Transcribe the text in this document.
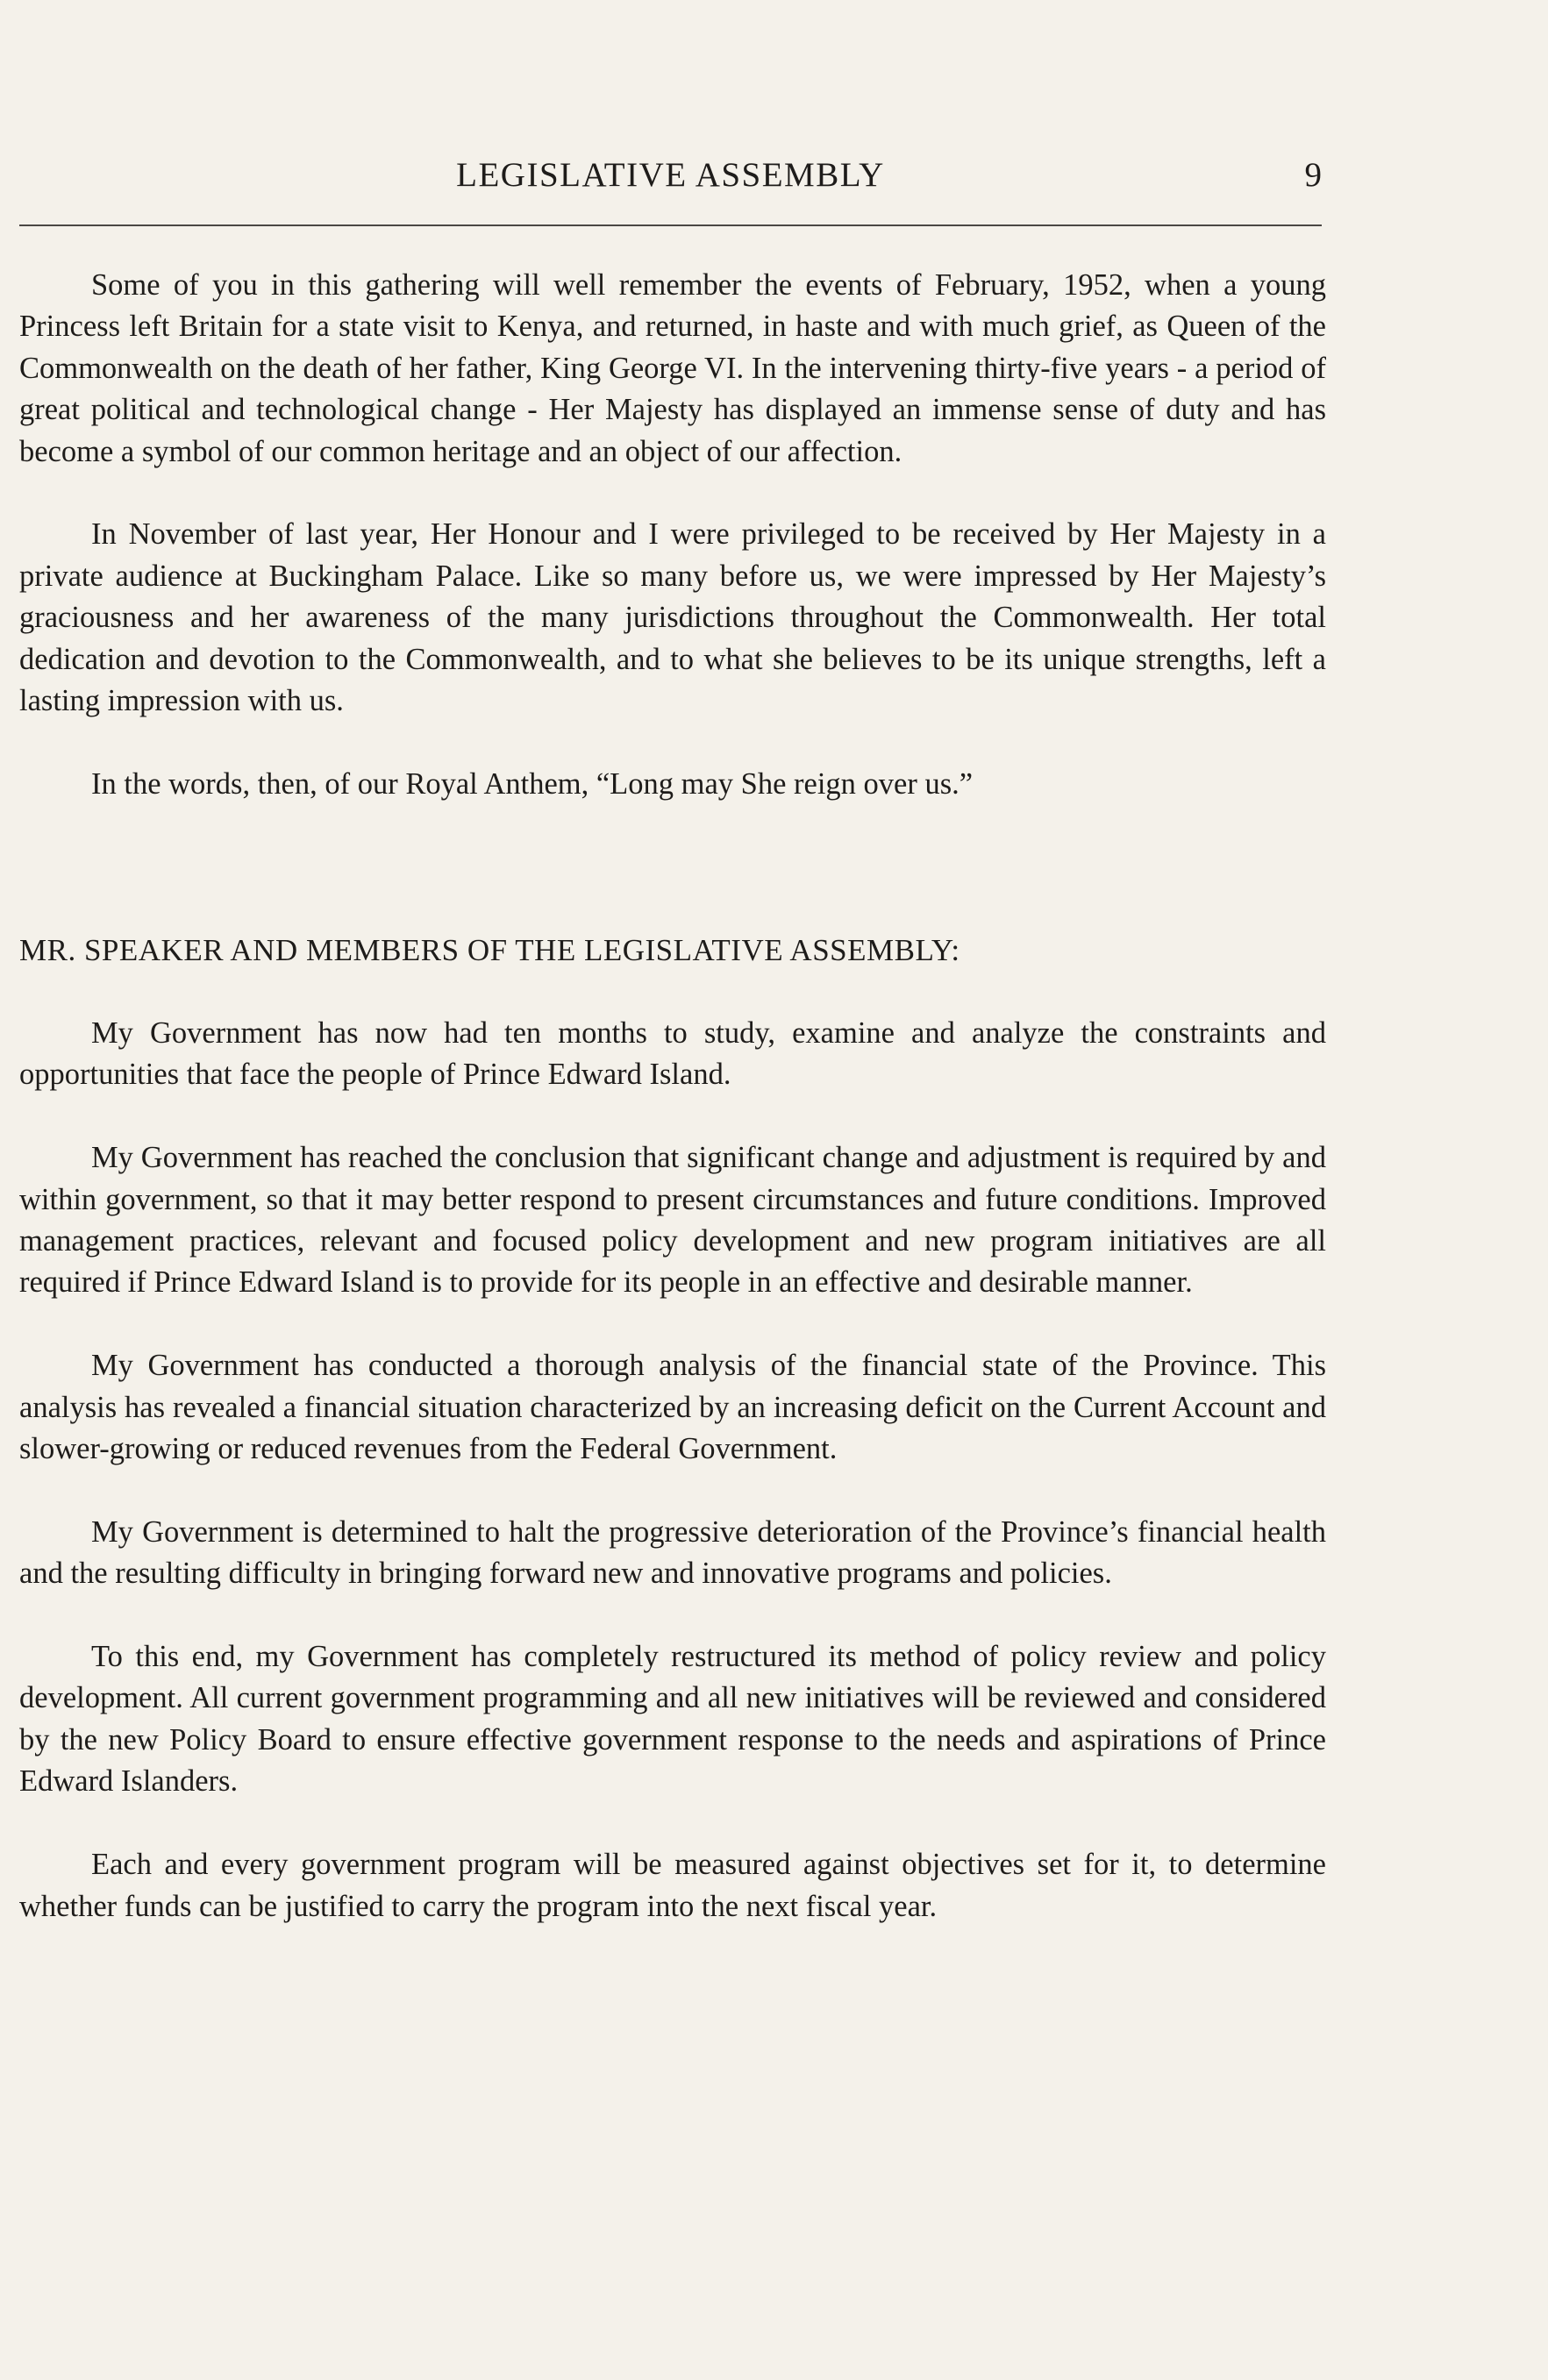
LEGISLATIVE ASSEMBLY	9

Some of you in this gathering will well remember the events of February, 1952, when a young Princess left Britain for a state visit to Kenya, and returned, in haste and with much grief, as Queen of the Commonwealth on the death of her father, King George VI. In the intervening thirty-five years - a period of great political and technological change - Her Majesty has displayed an immense sense of duty and has become a symbol of our common heritage and an object of our affection.

In November of last year, Her Honour and I were privileged to be received by Her Majesty in a private audience at Buckingham Palace. Like so many before us, we were impressed by Her Majesty’s graciousness and her awareness of the many jurisdictions throughout the Commonwealth. Her total dedication and devotion to the Commonwealth, and to what she believes to be its unique strengths, left a lasting impression with us.

In the words, then, of our Royal Anthem, “Long may She reign over us.”

MR. SPEAKER AND MEMBERS OF THE LEGISLATIVE ASSEMBLY:

My Government has now had ten months to study, examine and analyze the constraints and opportunities that face the people of Prince Edward Island.

My Government has reached the conclusion that significant change and adjustment is required by and within government, so that it may better respond to present circumstances and future conditions. Improved management practices, relevant and focused policy development and new program initiatives are all required if Prince Edward Island is to provide for its people in an effective and desirable manner.

My Government has conducted a thorough analysis of the financial state of the Province. This analysis has revealed a financial situation characterized by an increasing deficit on the Current Account and slower-growing or reduced revenues from the Federal Government.

My Government is determined to halt the progressive deterioration of the Province’s financial health and the resulting difficulty in bringing forward new and innovative programs and policies.

To this end, my Government has completely restructured its method of policy review and policy development. All current government programming and all new initiatives will be reviewed and considered by the new Policy Board to ensure effective government response to the needs and aspirations of Prince Edward Islanders.

Each and every government program will be measured against objectives set for it, to determine whether funds can be justified to carry the program into the next fiscal year.
